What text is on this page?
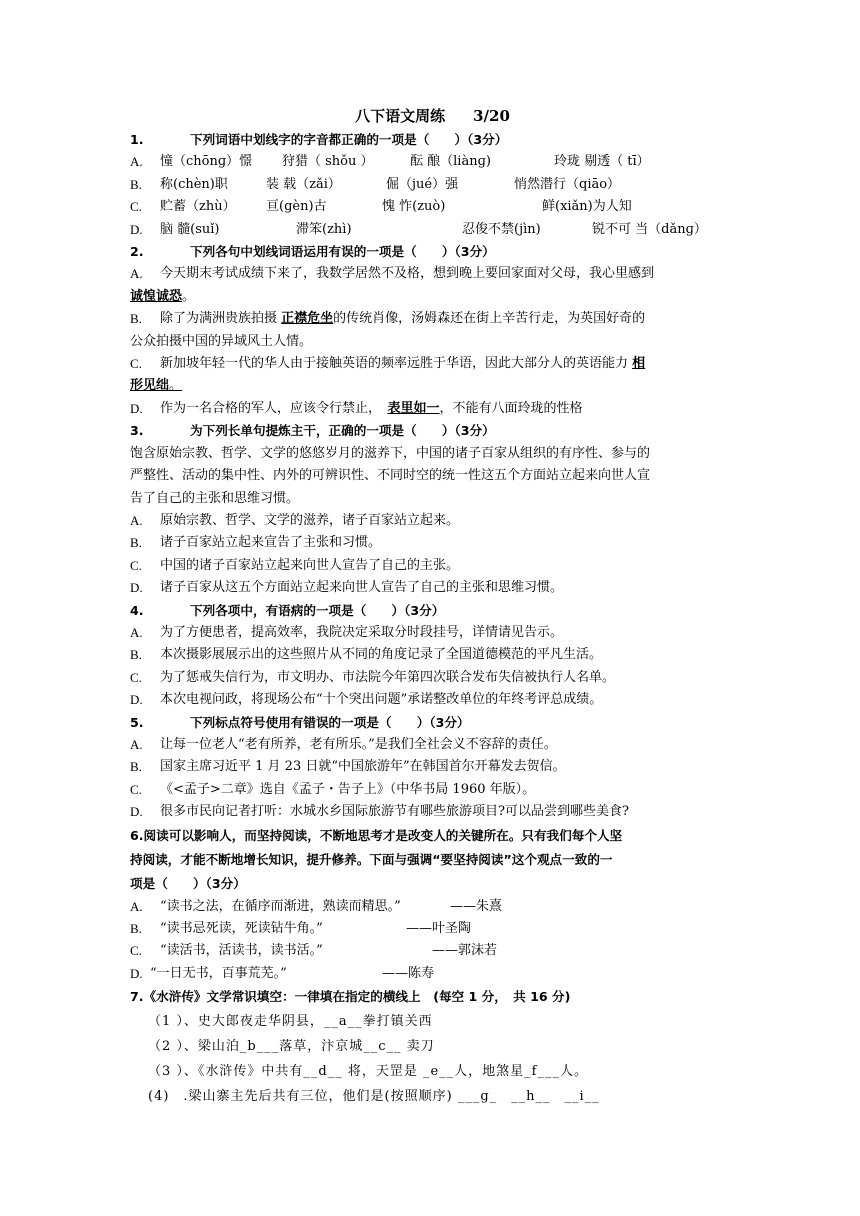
八下语文周练 3/20
1.	下列词语中划线字的字音都正确的一项是（　　）（3分）
A.	憧（chōnɡ）憬	狩猎（ shǒu ）	酝 酿（liànɡ)	玲珑 剔透（ tī）
B.	称(chèn)职	装 载（zǎi）	倔（jué）强	悄然潜行（qiāo）
C.	贮蓄（zhù）	亘(gèn)古	愧 怍(zuò)	鲜(xiǎn)为人知
D.	脑 髓(suǐ)	滞笨(zhì)	忍俊不禁(jìn)	锐不可 当（dǎnɡ）
2.	下列各句中划线词语运用有误的一项是（　　）（3分）
A.	今天期末考试成绩下来了，我数学居然不及格，想到晚上要回家面对父母，我心里感到
诚惶诚恐。
B.	除了为满洲贵族拍摄 正襟危坐的传统肖像，汤姆森还在街上辛苦行走，为英国好奇的
公众拍摄中国的异域风土人情。
C.	新加坡年轻一代的华人由于接触英语的频率远胜于华语，因此大部分人的英语能力 相
形见绌。
D.	作为一名合格的军人，应该令行禁止，　表里如一，不能有八面玲珑的性格
3.	为下列长单句提炼主干，正确的一项是（　　）（3分）
饱含原始宗教、哲学、文学的悠悠岁月的滋养下，中国的诸子百家从组织的有序性、参与的
严整性、活动的集中性、内外的可辨识性、不同时空的统一性这五个方面站立起来向世人宣
告了自己的主张和思维习惯。
A.	原始宗教、哲学、文学的滋养，诸子百家站立起来。
B.	诸子百家站立起来宣告了主张和习惯。
C.	中国的诸子百家站立起来向世人宣告了自己的主张。
D.	诸子百家从这五个方面站立起来向世人宣告了自己的主张和思维习惯。
4.	下列各项中，有语病的一项是（　　）（3分）
A.	为了方便患者，提高效率，我院决定采取分时段挂号，详情请见告示。
B.	本次摄影展展示出的这些照片从不同的角度记录了全国道德模范的平凡生活。
C.	为了惩戒失信行为，市文明办、市法院今年第四次联合发布失信被执行人名单。
D.	本次电视问政，将现场公布“十个突出问题”承诺整改单位的年终考评总成绩。
5.	下列标点符号使用有错误的一项是（　　）（3分）
A.	让每一位老人“老有所养，老有所乐。”是我们全社会义不容辞的责任。
B.	国家主席习近平 1 月 23 日就“中国旅游年”在韩国首尔开幕发去贺信。
C.	《<孟子>二章》选自《孟子・告子上》（中华书局 1960 年版）。
D.	很多市民向记者打听：水城水乡国际旅游节有哪些旅游项目?可以品尝到哪些美食?
6.阅读可以影响人，而坚持阅读，不断地思考才是改变人的关键所在。只有我们每个人坚
持阅读，才能不断地增长知识，提升修养。下面与强调“要坚持阅读”这个观点一致的一
项是（　　）（3分）
A.	“读书之法，在循序而渐进，熟读而精思。”	——朱熹
B.	“读书忌死读，死读钻牛角。”	——叶圣陶
C.	“读活书，活读书，读书活。”	——郭沫若
D. “一日无书，百事荒芜。”	——陈寿
7.《水浒传》文学常识填空：一律填在指定的横线上　(每空 1 分，　共 16 分)
（1 ）、史大郎夜走华阴县，__a__拳打镇关西
（2 ）、梁山泊_b___落草，汴京城__c__ 卖刀
（3 ）、《水浒传》中共有__d__ 将，天罡是 _e__人，地煞星_f___人。
(4)　.梁山寨主先后共有三位，他们是(按照顺序) ___g_　__h__　__i__
